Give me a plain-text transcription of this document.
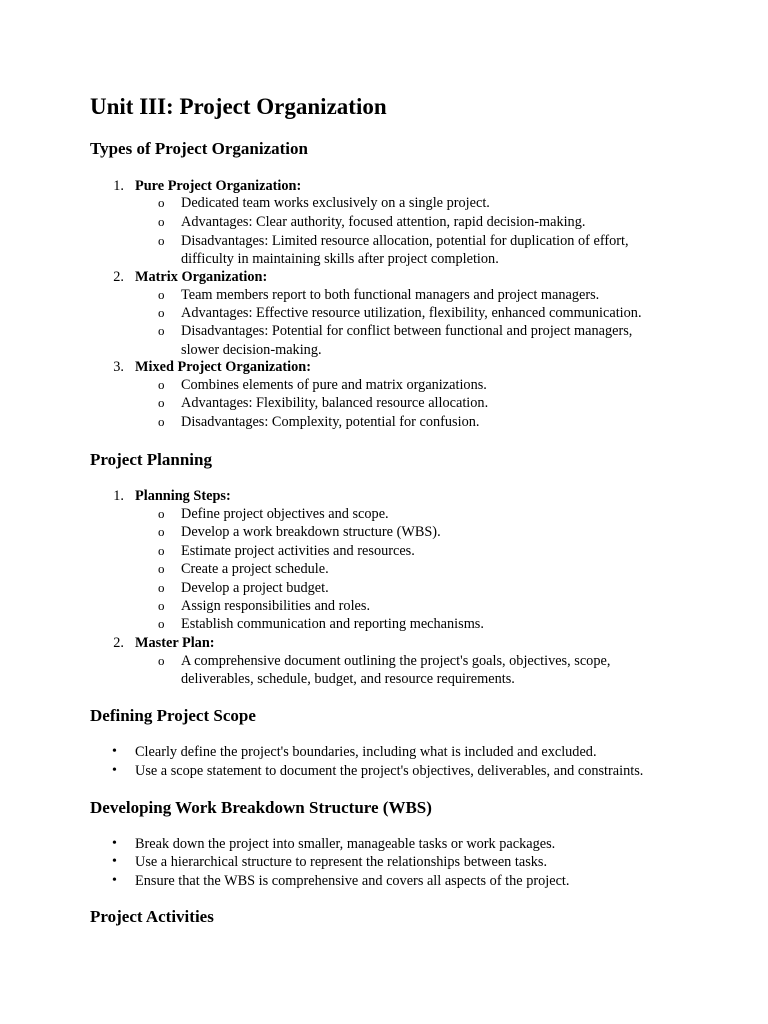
Unit III: Project Organization
Types of Project Organization
1. Pure Project Organization:
o Dedicated team works exclusively on a single project.
o Advantages: Clear authority, focused attention, rapid decision-making.
o Disadvantages: Limited resource allocation, potential for duplication of effort,
difficulty in maintaining skills after project completion.
2. Matrix Organization:
o Team members report to both functional managers and project managers.
o Advantages: Effective resource utilization, flexibility, enhanced communication.
o Disadvantages: Potential for conflict between functional and project managers,
slower decision-making.
3. Mixed Project Organization:
o Combines elements of pure and matrix organizations.
o Advantages: Flexibility, balanced resource allocation.
o Disadvantages: Complexity, potential for confusion.
Project Planning
1. Planning Steps:
o Define project objectives and scope.
o Develop a work breakdown structure (WBS).
o Estimate project activities and resources.
o Create a project schedule.
o Develop a project budget.
o Assign responsibilities and roles.
o Establish communication and reporting mechanisms.
2. Master Plan:
o A comprehensive document outlining the project's goals, objectives, scope,
deliverables, schedule, budget, and resource requirements.
Defining Project Scope
• Clearly define the project's boundaries, including what is included and excluded.
• Use a scope statement to document the project's objectives, deliverables, and constraints.
Developing Work Breakdown Structure (WBS)
• Break down the project into smaller, manageable tasks or work packages.
• Use a hierarchical structure to represent the relationships between tasks.
• Ensure that the WBS is comprehensive and covers all aspects of the project.
Project Activities
